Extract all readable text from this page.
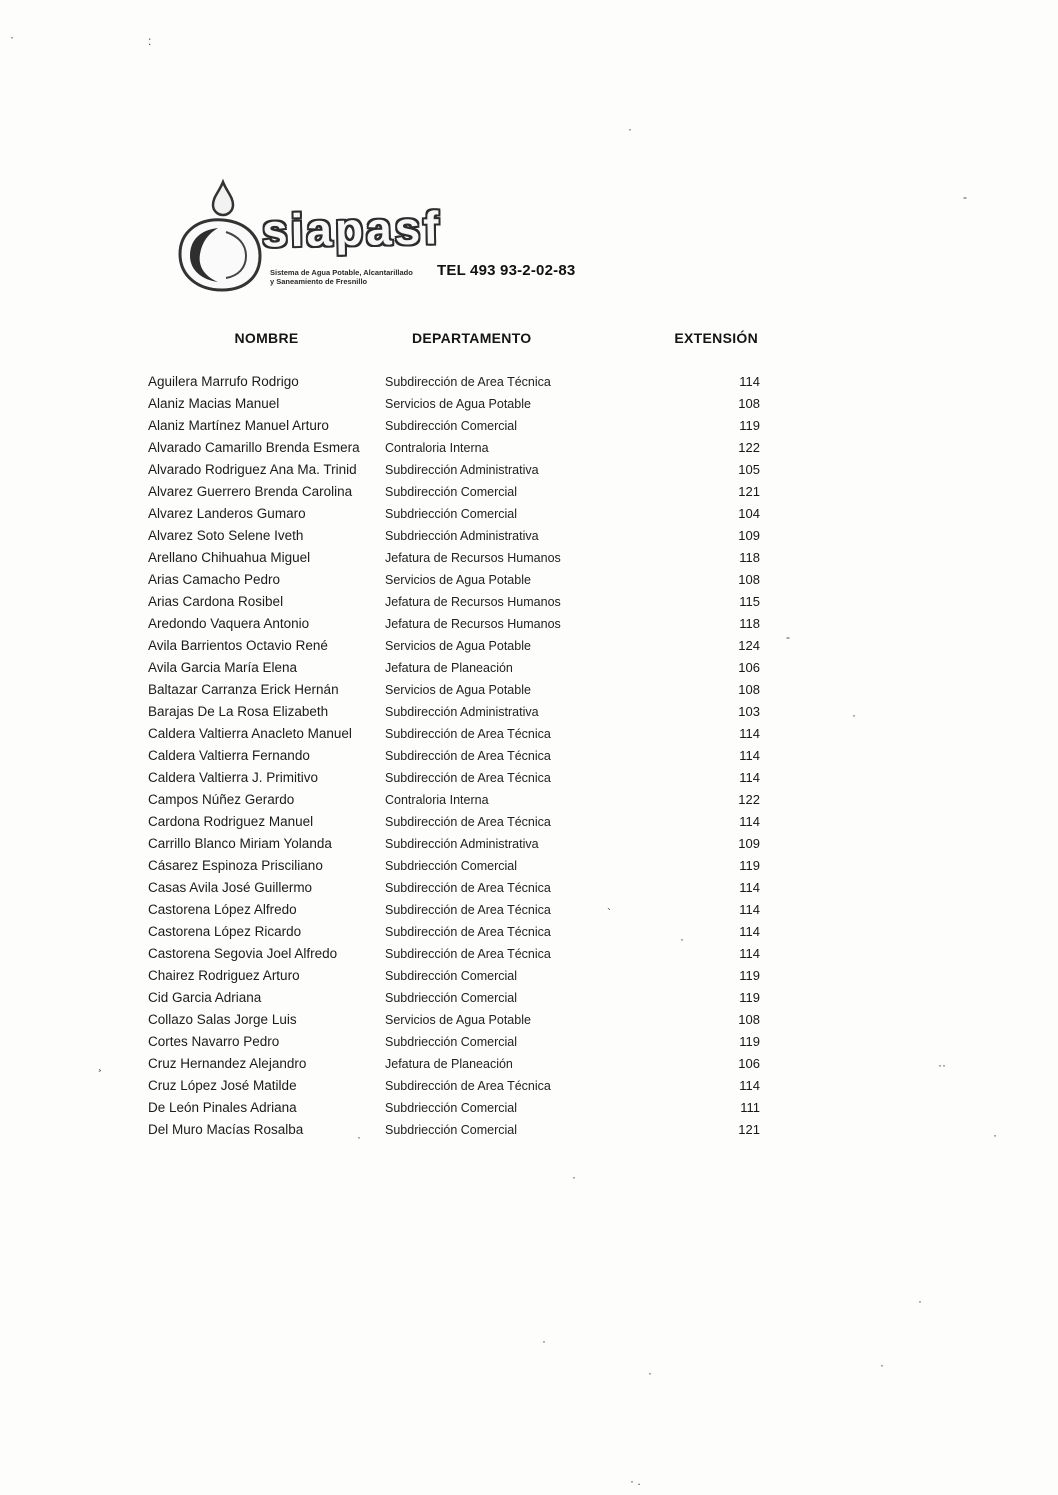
siapasf
Sistema de Agua Potable, Alcantarillado
y Saneamiento de Fresnillo
TEL 493 93-2-02-83
NOMBRE	DEPARTAMENTO	EXTENSIÓN
Aguilera Marrufo Rodrigo	Subdirección de Area Técnica	114
Alaniz Macias Manuel	Servicios de Agua Potable	108
Alaniz Martínez Manuel Arturo	Subdirección Comercial	119
Alvarado Camarillo Brenda Esmera	Contraloria Interna	122
Alvarado Rodriguez Ana Ma. Trinid	Subdirección Administrativa	105
Alvarez Guerrero Brenda Carolina	Subdirección Comercial	121
Alvarez Landeros Gumaro	Subdriección Comercial	104
Alvarez Soto Selene Iveth	Subdriección Administrativa	109
Arellano Chihuahua Miguel	Jefatura de Recursos Humanos	118
Arias Camacho Pedro	Servicios de Agua Potable	108
Arias Cardona Rosibel	Jefatura de Recursos Humanos	115
Aredondo Vaquera Antonio	Jefatura de Recursos Humanos	118
Avila Barrientos Octavio René	Servicios de Agua Potable	124
Avila Garcia María Elena	Jefatura de Planeación	106
Baltazar Carranza Erick Hernán	Servicios de Agua Potable	108
Barajas De La Rosa Elizabeth	Subdirección Administrativa	103
Caldera Valtierra Anacleto Manuel	Subdirección de Area Técnica	114
Caldera Valtierra Fernando	Subdirección de Area Técnica	114
Caldera Valtierra J. Primitivo	Subdirección de Area Técnica	114
Campos Núñez Gerardo	Contraloria Interna	122
Cardona Rodriguez Manuel	Subdirección de Area Técnica	114
Carrillo Blanco Miriam Yolanda	Subdirección Administrativa	109
Cásarez Espinoza Prisciliano	Subdriección Comercial	119
Casas Avila José Guillermo	Subdirección de Area Técnica	114
Castorena López Alfredo	Subdirección de Area Técnica	114
Castorena López Ricardo	Subdirección de Area Técnica	114
Castorena Segovia Joel Alfredo	Subdirección de Area Técnica	114
Chairez Rodriguez Arturo	Subdirección Comercial	119
Cid Garcia Adriana	Subdriección Comercial	119
Collazo Salas Jorge Luis	Servicios de Agua Potable	108
Cortes Navarro Pedro	Subdriección Comercial	119
Cruz Hernandez Alejandro	Jefatura de Planeación	106
Cruz López José Matilde	Subdirección de Area Técnica	114
De León Pinales Adriana	Subdriección Comercial	111
Del Muro Macías Rosalba	Subdriección Comercial	121
:
·
·
-
-
·
`
·
¸	··
·
·
·
·
·
·
·
· .
